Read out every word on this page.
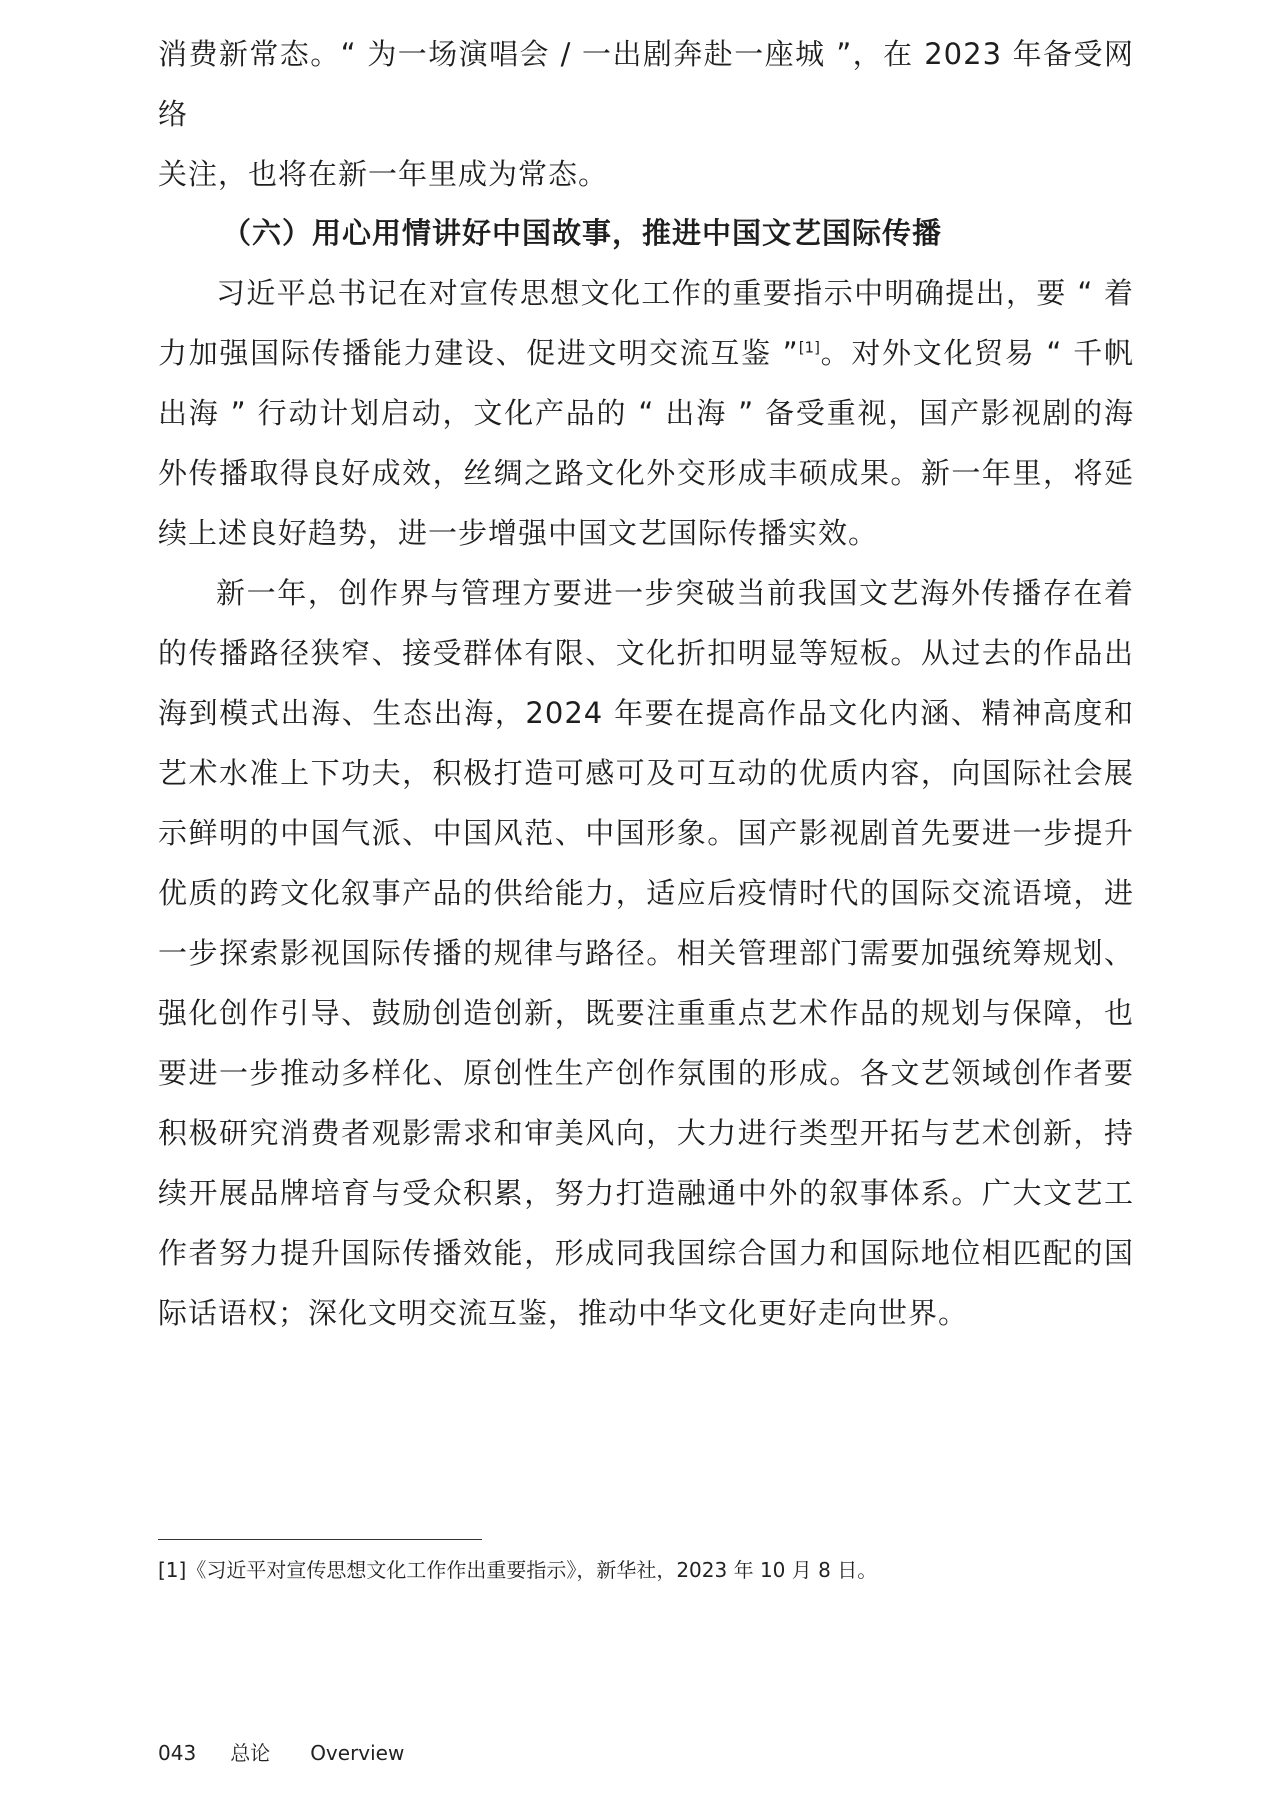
消费新常态。“ 为一场演唱会 / 一出剧奔赴一座城 ”，在 2023 年备受网络
关注，也将在新一年里成为常态。
（六）用心用情讲好中国故事，推进中国文艺国际传播

习近平总书记在对宣传思想文化工作的重要指示中明确提出，要 “ 着力加强国际传播能力建设、促进文明交流互鉴 ”[1]。对外文化贸易 “ 千帆出海 ” 行动计划启动，文化产品的 “ 出海 ” 备受重视，国产影视剧的海外传播取得良好成效，丝绸之路文化外交形成丰硕成果。新一年里，将延续上述良好趋势，进一步增强中国文艺国际传播实效。

新一年，创作界与管理方要进一步突破当前我国文艺海外传播存在着的传播路径狭窄、接受群体有限、文化折扣明显等短板。从过去的作品出海到模式出海、生态出海，2024 年要在提高作品文化内涵、精神高度和艺术水准上下功夫，积极打造可感可及可互动的优质内容，向国际社会展示鲜明的中国气派、中国风范、中国形象。国产影视剧首先要进一步提升优质的跨文化叙事产品的供给能力，适应后疫情时代的国际交流语境，进一步探索影视国际传播的规律与路径。相关管理部门需要加强统筹规划、强化创作引导、鼓励创造创新，既要注重重点艺术作品的规划与保障，也要进一步推动多样化、原创性生产创作氛围的形成。各文艺领域创作者要积极研究消费者观影需求和审美风向，大力进行类型开拓与艺术创新，持续开展品牌培育与受众积累，努力打造融通中外的叙事体系。广大文艺工作者努力提升国际传播效能，形成同我国综合国力和国际地位相匹配的国际话语权；深化文明交流互鉴，推动中华文化更好走向世界。

[1]《习近平对宣传思想文化工作作出重要指示》，新华社，2023 年 10 月 8 日。
043 总论 Overview
